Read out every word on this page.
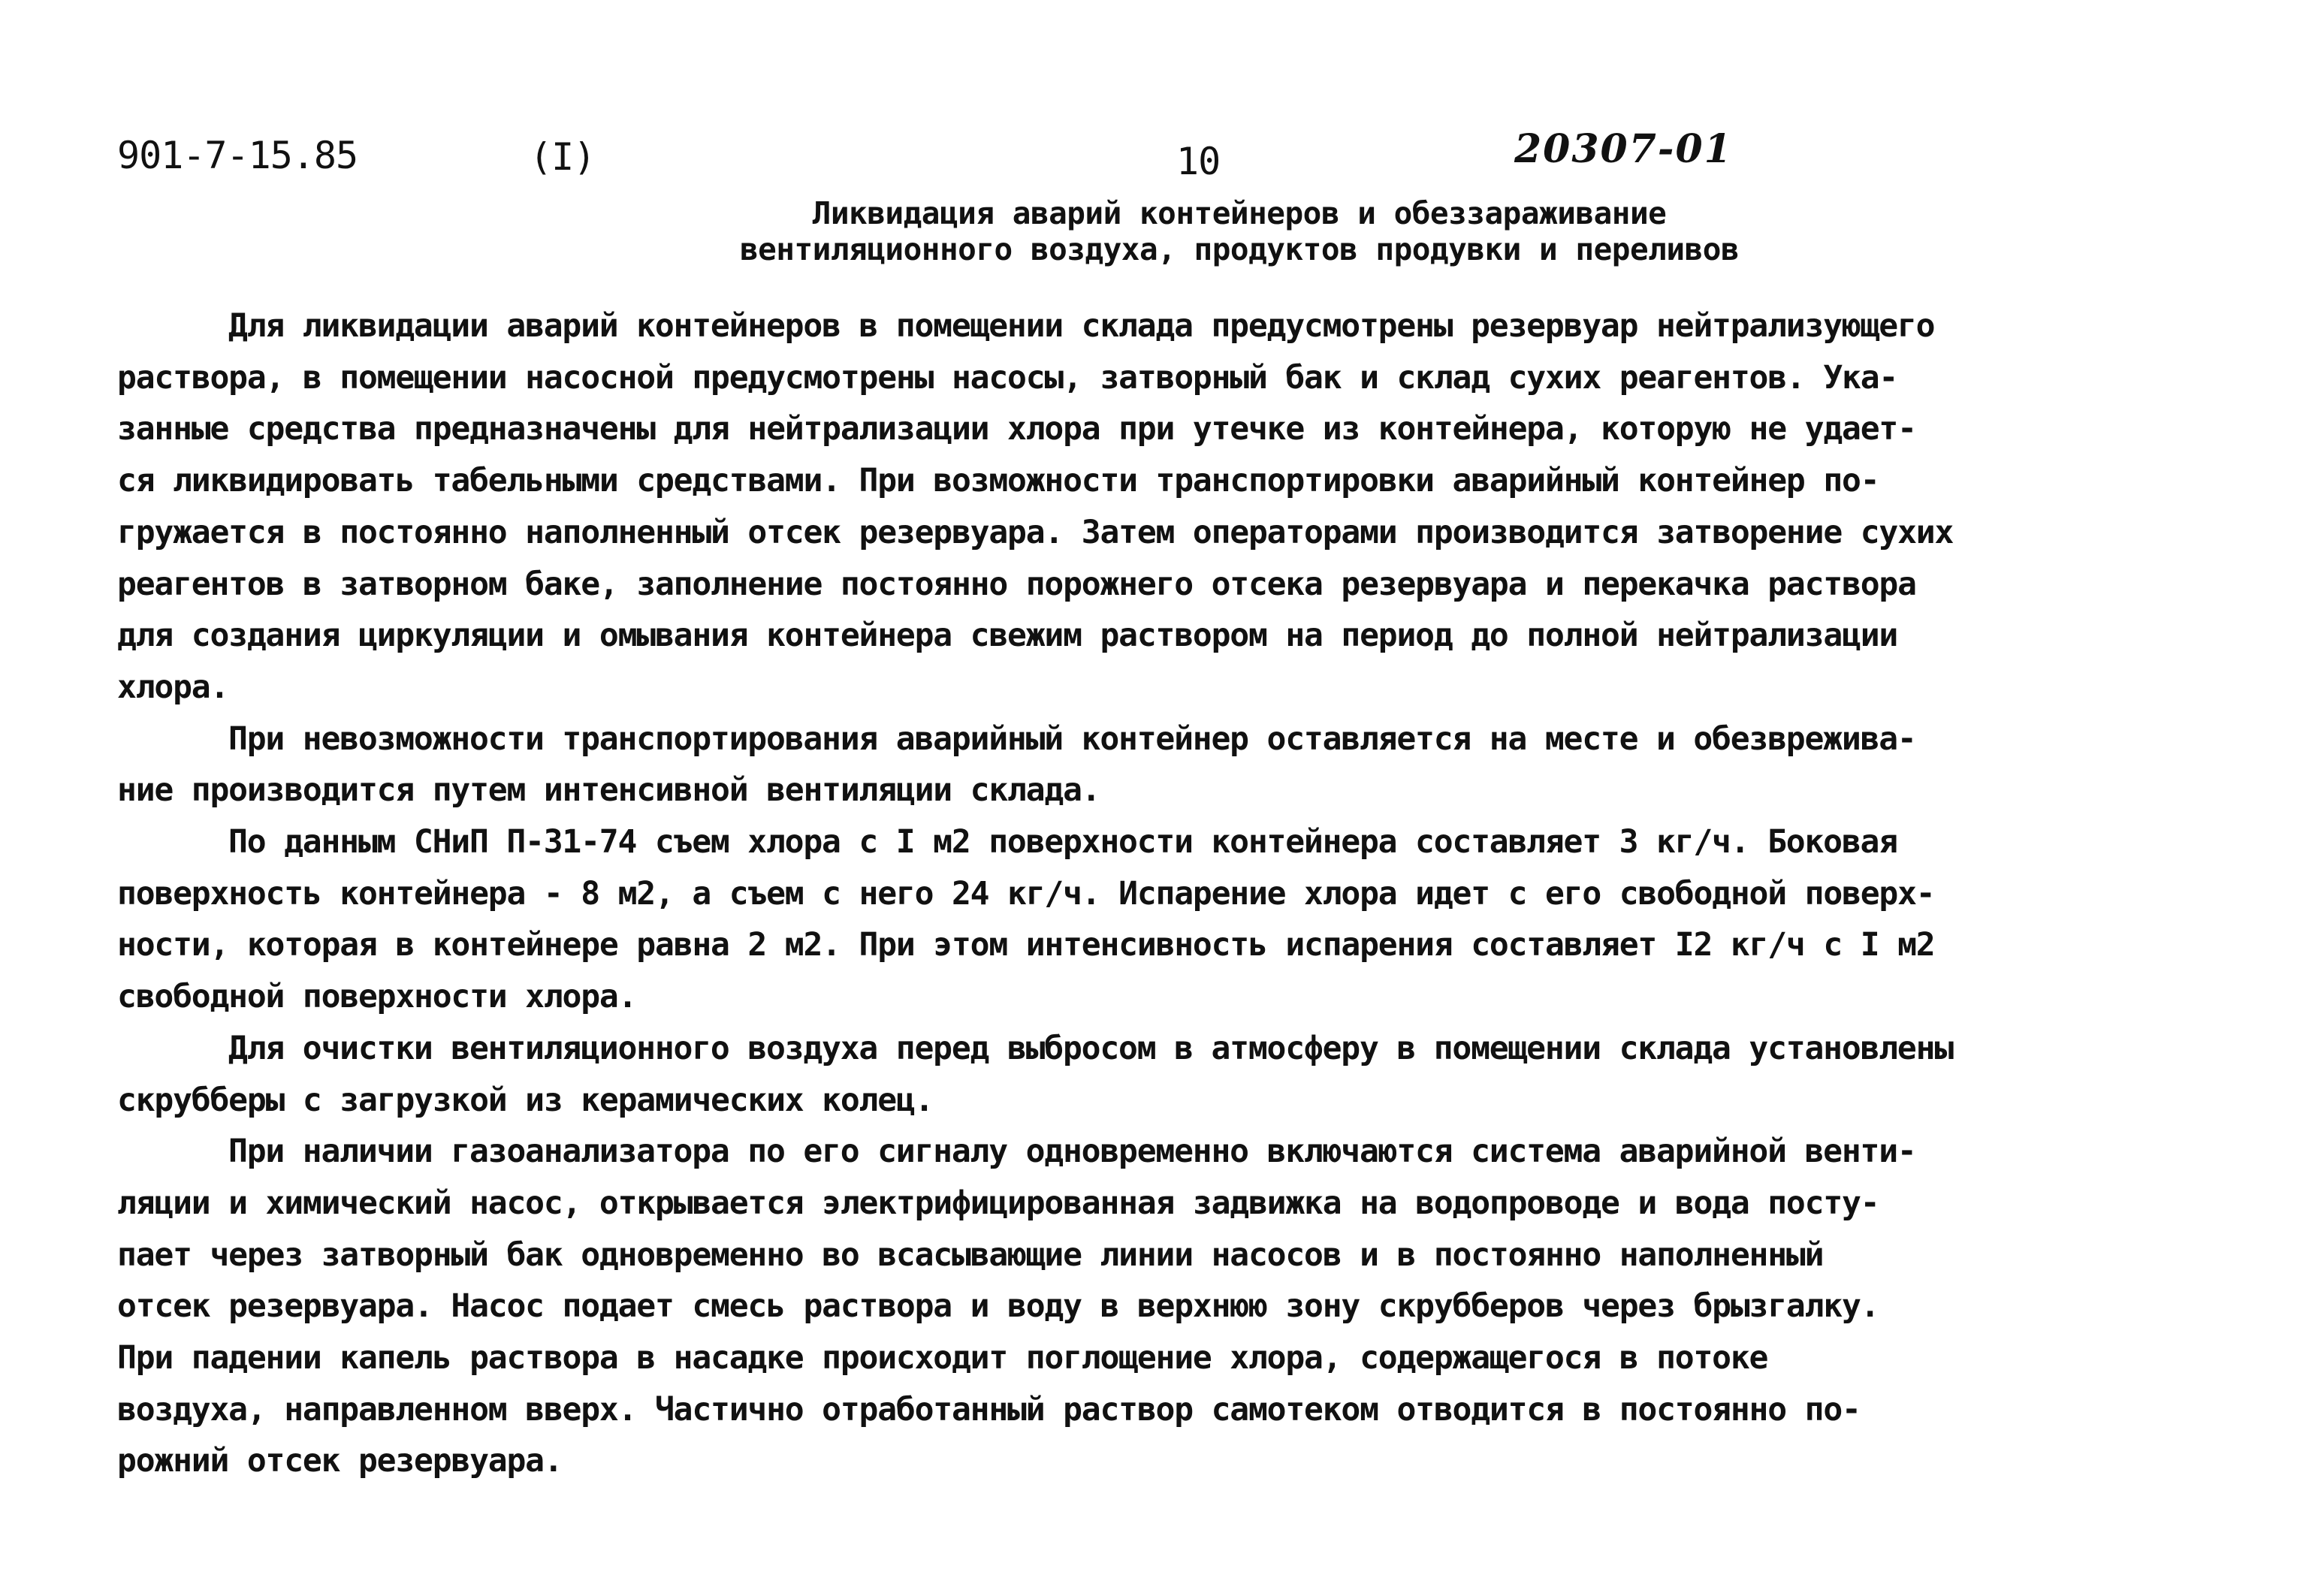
901-7-15.85	(I)	10	20307-01
Ликвидация аварий контейнеров и обеззараживание
вентиляционного воздуха, продуктов продувки и переливов
Для ликвидации аварий контейнеров в помещении склада предусмотрены резервуар нейтрализующего
раствора, в помещении насосной предусмотрены насосы, затворный бак и склад сухих реагентов. Ука-
занные средства предназначены для нейтрализации хлора при утечке из контейнера, которую не удает-
ся ликвидировать табельными средствами. При возможности транспортировки аварийный контейнер по-
гружается в постоянно наполненный отсек резервуара. Затем операторами производится затворение сухих
реагентов в затворном баке, заполнение постоянно порожнего отсека резервуара и перекачка раствора
для создания циркуляции и омывания контейнера свежим раствором на период до полной нейтрализации
хлора.
При невозможности транспортирования аварийный контейнер оставляется на месте и обезвреживa-
ние производится путем интенсивной вентиляции склада.
По данным СНиП П-31-74 съем хлора с I м2 поверхности контейнера составляет 3 кг/ч. Боковая
поверхность контейнера - 8 м2, а съем с него 24 кг/ч. Испарение хлора идет с его свободной поверх-
ности, которая в контейнере равна 2 м2. При этом интенсивность испарения составляет I2 кг/ч с I м2
свободной поверхности хлора.
Для очистки вентиляционного воздуха перед выбросом в атмосферу в помещении склада установлены
скрубберы с загрузкой из керамических колец.
При наличии газоанализатора по его сигналу одновременно включаются система аварийной венти-
ляции и химический насос, открывается электрифицированная задвижка на водопроводе и вода посту-
пает через затворный бак одновременно во всасывающие линии насосов и в постоянно наполненный
отсек резервуара. Насос подает смесь раствора и воду в верхнюю зону скрубберов через брызгалку.
При падении капель раствора в насадке происходит поглощение хлора, содержащегося в потоке
воздуха, направленном вверх. Частично отработанный раствор самотеком отводится в постоянно по-
рожний отсек резервуара.
